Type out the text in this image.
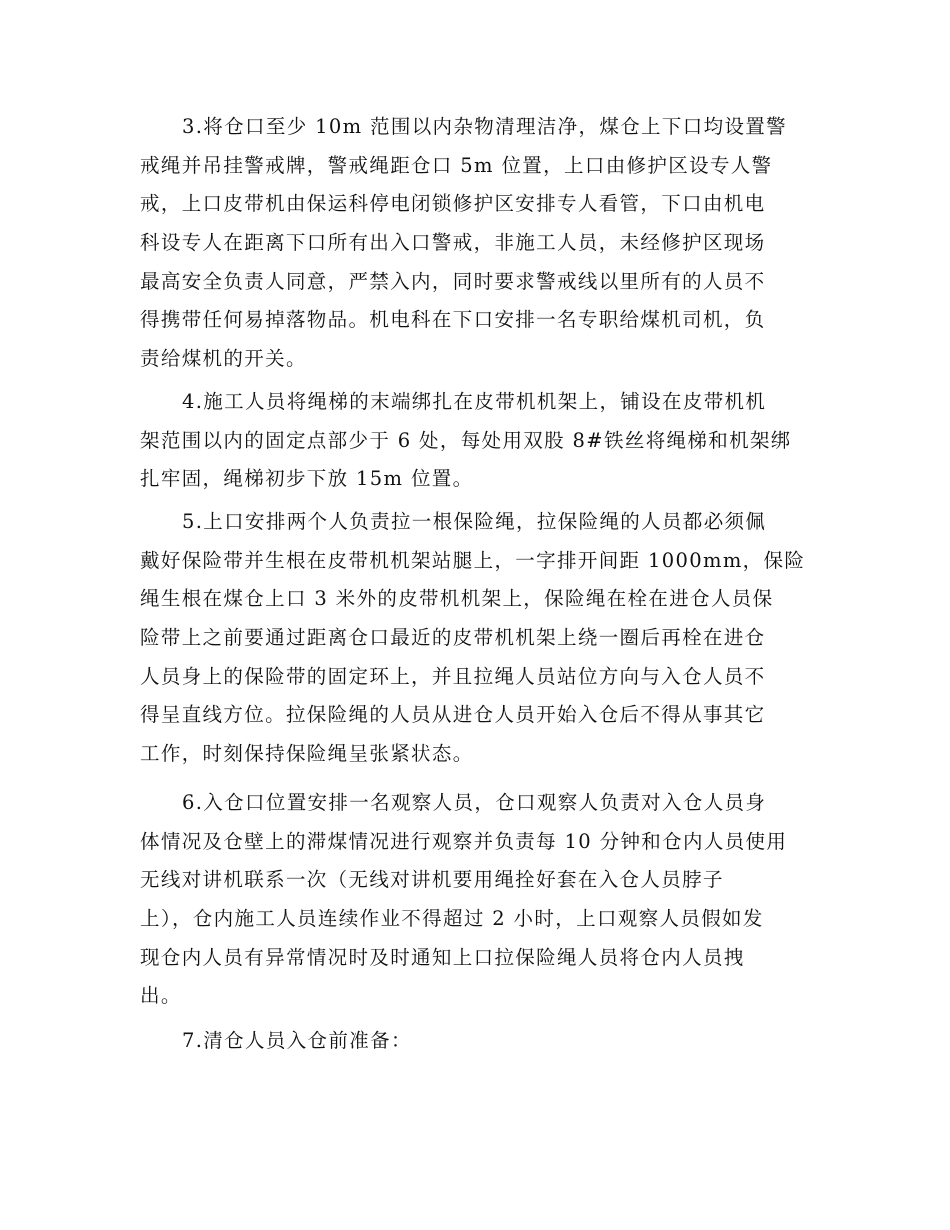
3.将仓口至少 10m 范围以内杂物清理洁净，煤仓上下口均设置警
戒绳并吊挂警戒牌，警戒绳距仓口 5m 位置，上口由修护区设专人警
戒，上口皮带机由保运科停电闭锁修护区安排专人看管，下口由机电
科设专人在距离下口所有出入口警戒，非施工人员，未经修护区现场
最高安全负责人同意，严禁入内，同时要求警戒线以里所有的人员不
得携带任何易掉落物品。机电科在下口安排一名专职给煤机司机，负
责给煤机的开关。
4.施工人员将绳梯的末端绑扎在皮带机机架上，铺设在皮带机机
架范围以内的固定点部少于 6 处，每处用双股 8#铁丝将绳梯和机架绑
扎牢固，绳梯初步下放 15m 位置。
5.上口安排两个人负责拉一根保险绳，拉保险绳的人员都必须佩
戴好保险带并生根在皮带机机架站腿上，一字排开间距 1000mm，保险
绳生根在煤仓上口 3 米外的皮带机机架上，保险绳在栓在进仓人员保
险带上之前要通过距离仓口最近的皮带机机架上绕一圈后再栓在进仓
人员身上的保险带的固定环上，并且拉绳人员站位方向与入仓人员不
得呈直线方位。拉保险绳的人员从进仓人员开始入仓后不得从事其它
工作，时刻保持保险绳呈张紧状态。
6.入仓口位置安排一名观察人员，仓口观察人负责对入仓人员身
体情况及仓壁上的滞煤情况进行观察并负责每 10 分钟和仓内人员使用
无线对讲机联系一次（无线对讲机要用绳拴好套在入仓人员脖子
上），仓内施工人员连续作业不得超过 2 小时，上口观察人员假如发
现仓内人员有异常情况时及时通知上口拉保险绳人员将仓内人员拽
出。
7.清仓人员入仓前准备：
